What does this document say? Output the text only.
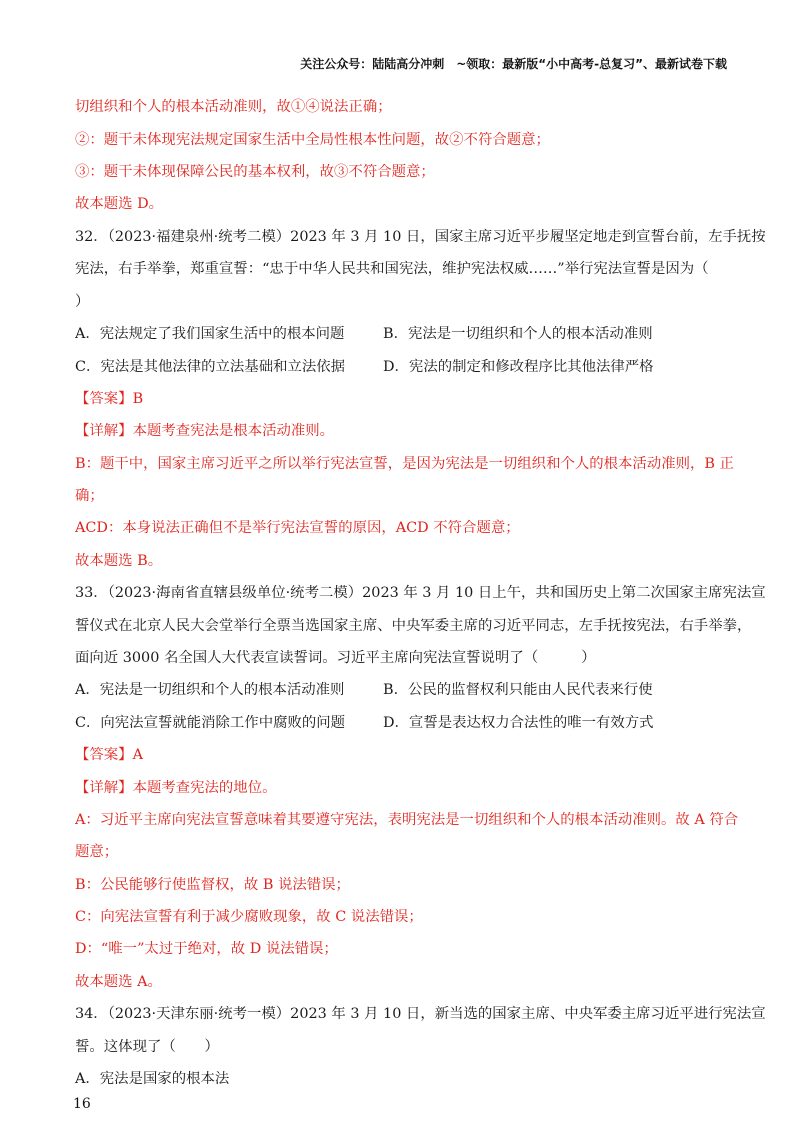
关注公众号：陆陆高分冲刺　~领取：最新版“小中高考-总复习”、最新试卷下载
切组织和个人的根本活动准则，故①④说法正确；
②：题干未体现宪法规定国家生活中全局性根本性问题，故②不符合题意；
③：题干未体现保障公民的基本权利，故③不符合题意；
故本题选 D。
32．（2023·福建泉州·统考二模）2023 年 3 月 10 日，国家主席习近平步履坚定地走到宣誓台前，左手抚按
宪法，右手举拳，郑重宣誓：“忠于中华人民共和国宪法，维护宪法权威……”举行宪法宣誓是因为（
）
A．宪法规定了我们国家生活中的根本问题	B．宪法是一切组织和个人的根本活动准则
C．宪法是其他法律的立法基础和立法依据	D．宪法的制定和修改程序比其他法律严格
【答案】B
【详解】本题考查宪法是根本活动准则。
B：题干中，国家主席习近平之所以举行宪法宣誓，是因为宪法是一切组织和个人的根本活动准则，B 正
确；
ACD：本身说法正确但不是举行宪法宣誓的原因，ACD 不符合题意；
故本题选 B。
33．（2023·海南省直辖县级单位·统考二模）2023 年 3 月 10 日上午，共和国历史上第二次国家主席宪法宣
誓仪式在北京人民大会堂举行全票当选国家主席、中央军委主席的习近平同志，左手抚按宪法，右手举拳，
面向近 3000 名全国人大代表宣读誓词。习近平主席向宪法宣誓说明了（　　　）
A．宪法是一切组织和个人的根本活动准则	B．公民的监督权利只能由人民代表来行使
C．向宪法宣誓就能消除工作中腐败的问题	D．宣誓是表达权力合法性的唯一有效方式
【答案】A
【详解】本题考查宪法的地位。
A：习近平主席向宪法宣誓意味着其要遵守宪法，表明宪法是一切组织和个人的根本活动准则。故 A 符合
题意；
B：公民能够行使监督权，故 B 说法错误；
C：向宪法宣誓有利于减少腐败现象，故 C 说法错误；
D：“唯一”太过于绝对，故 D 说法错误；
故本题选 A。
34．（2023·天津东丽·统考一模）2023 年 3 月 10 日，新当选的国家主席、中央军委主席习近平进行宪法宣
誓。这体现了（　　）
A．宪法是国家的根本法
16
